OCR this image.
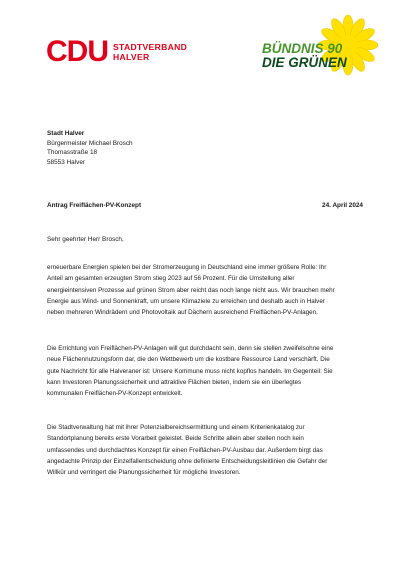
CDU STADTVERBAND
HALVER
BÜNDNIS 90
DIE GRÜNEN
Stadt Halver
Bürgermeister Michael Brosch
Thomasstraße 18
58553 Halver
Antrag Freiflächen-PV-Konzept	24. April 2024
Sehr geehrter Herr Brosch,
erneuerbare Energien spielen bei der Stromerzeugung in Deutschland eine immer größere Rolle: Ihr
Anteil am gesamten erzeugten Strom stieg 2023 auf 56 Prozent. Für die Umstellung aller
energieintensiven Prozesse auf grünen Strom aber reicht das noch lange nicht aus. Wir brauchen mehr
Energie aus Wind- und Sonnenkraft, um unsere Klimaziele zu erreichen und deshalb auch in Halver
neben mehreren Windrädern und Photovoltaik auf Dächern ausreichend Freiflächen-PV-Anlagen.
Die Errichtung von Freiflächen-PV-Anlagen will gut durchdacht sein, denn sie stellen zweifelsohne eine
neue Flächennutzungsform dar, die den Wettbewerb um die kostbare Ressource Land verschärft. Die
gute Nachricht für alle Halveraner ist: Unsere Kommune muss nicht kopflos handeln. Im Gegenteil: Sie
kann Investoren Planungssicherheit und attraktive Flächen bieten, indem sie ein überlegtes
kommunalen Freiflächen-PV-Konzept entwickelt.
Die Stadtverwaltung hat mit ihrer Potenzialbereichsermittlung und einem Kriterienkatalog zur
Standortplanung bereits erste Vorarbeit geleistet. Beide Schritte allein aber stellen noch kein
umfassendes und durchdachtes Konzept für einen Freiflächen-PV-Ausbau dar. Außerdem birgt das
angedachte Prinzip der Einzelfallentscheidung ohne definierte Entscheidungsleitlinien die Gefahr der
Willkür und verringert die Planungssicherheit für mögliche Investoren.
